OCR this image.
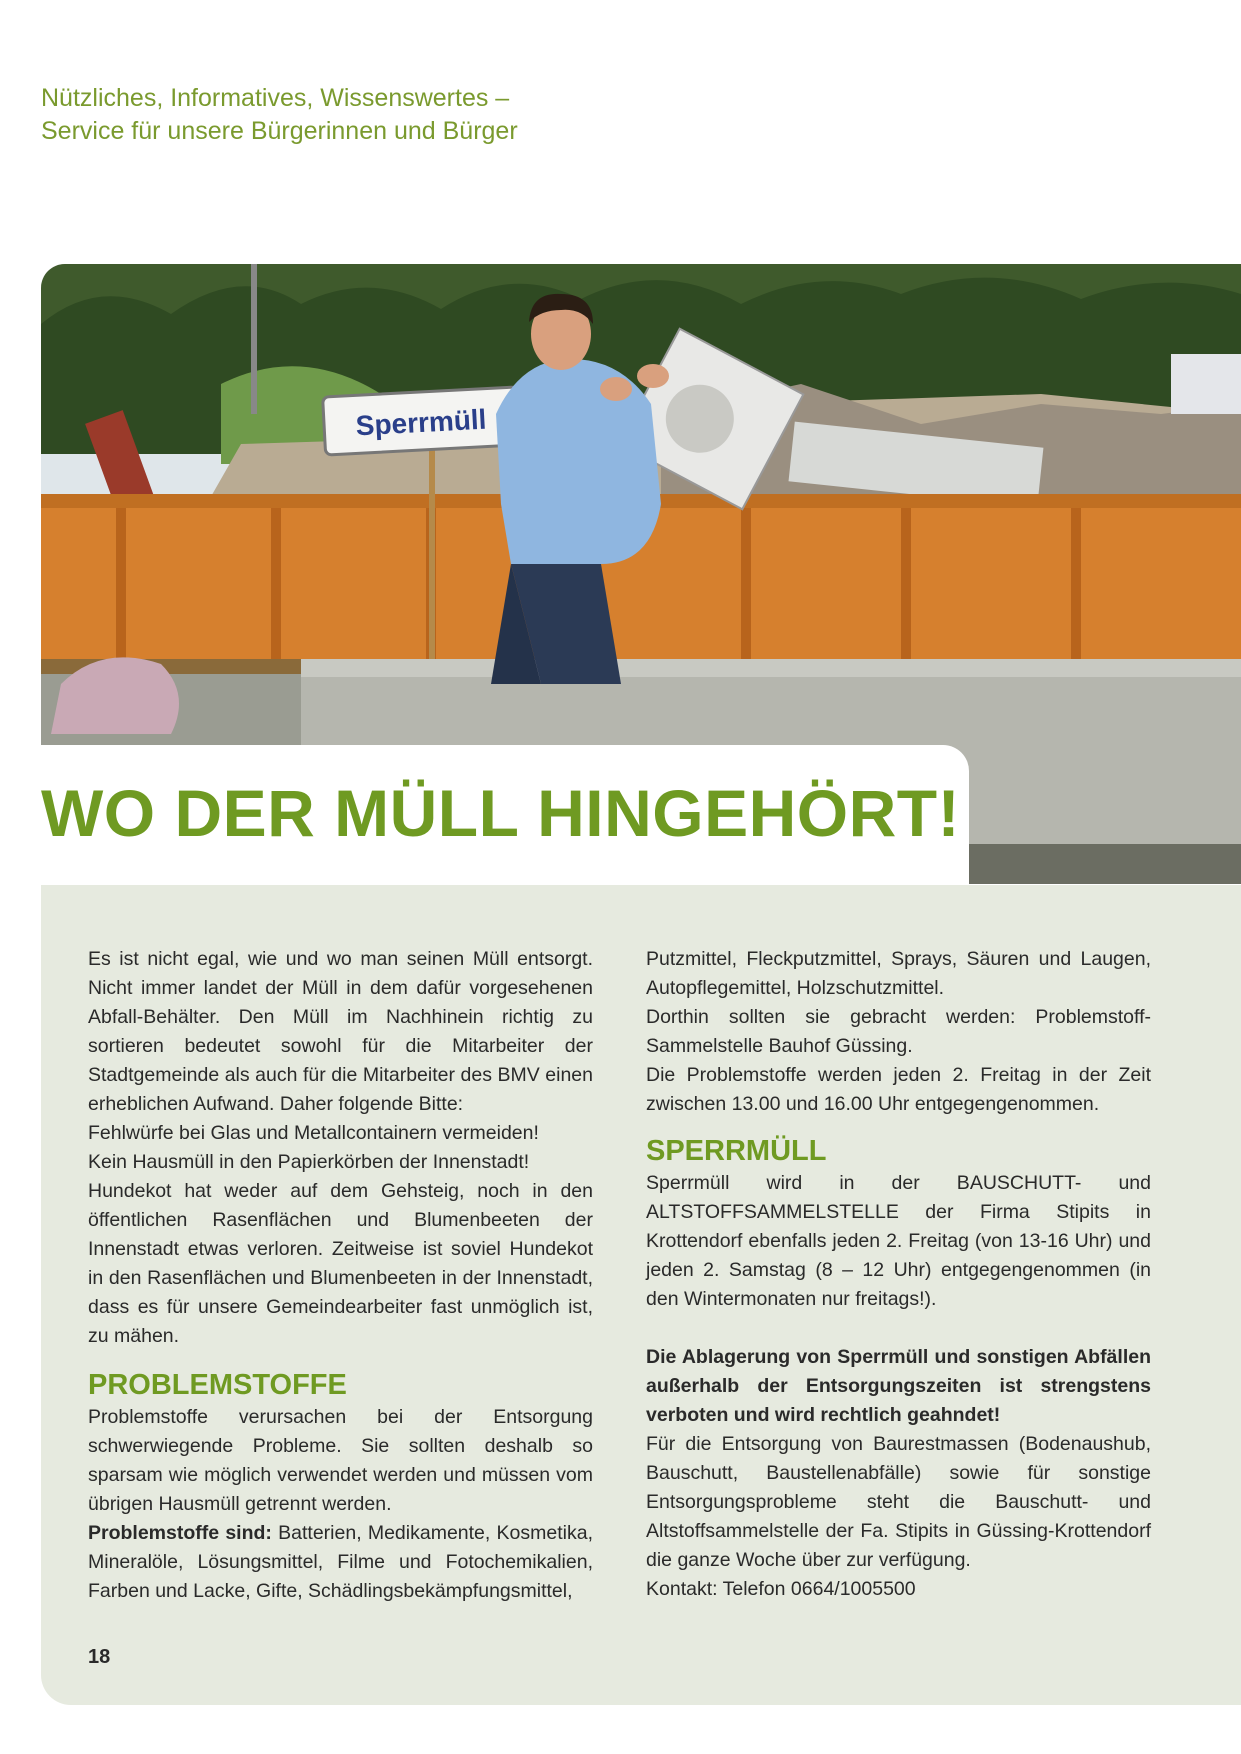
Nützliches, Informatives, Wissenswertes –
Service für unsere Bürgerinnen und Bürger
Sperrmüll
WO DER MÜLL HINGEHÖRT!

Es ist nicht egal, wie und wo man seinen Müll entsorgt. Nicht immer landet der Müll in dem dafür vorgesehenen Abfall-Behälter. Den Müll im Nachhinein richtig zu sortieren bedeutet sowohl für die Mitarbeiter der Stadtgemeinde als auch für die Mitarbeiter des BMV einen erheblichen Aufwand. Daher folgende Bitte:

Fehlwürfe bei Glas und Metallcontainern vermeiden!

Kein Hausmüll in den Papierkörben der Innenstadt!

Hundekot hat weder auf dem Gehsteig, noch in den öffentlichen Rasenflächen und Blumenbeeten der Innenstadt etwas verloren. Zeitweise ist soviel Hundekot in den Rasenflächen und Blumenbeeten in der Innenstadt, dass es für unsere Gemeindearbeiter fast unmöglich ist, zu mähen.

PROBLEMSTOFFE

Problemstoffe verursachen bei der Entsorgung schwerwiegende Probleme. Sie sollten deshalb so sparsam wie möglich verwendet werden und müssen vom übrigen Hausmüll getrennt werden.

Problemstoffe sind: Batterien, Medikamente, Kosmetika, Mineralöle, Lösungsmittel, Filme und Fotochemikalien, Farben und Lacke, Gifte, Schädlingsbekämpfungsmittel,

Putzmittel, Fleckputzmittel, Sprays, Säuren und Laugen, Autopflegemittel, Holzschutzmittel.

Dorthin sollten sie gebracht werden: Problemstoff-Sammelstelle Bauhof Güssing.

Die Problemstoffe werden jeden 2. Freitag in der Zeit zwischen 13.00 und 16.00 Uhr entgegengenommen.

SPERRMÜLL

Sperrmüll wird in der BAUSCHUTT- und ALTSTOFFSAMMELSTELLE der Firma Stipits in Krottendorf ebenfalls jeden 2. Freitag (von 13-16 Uhr) und jeden 2. Samstag (8 – 12 Uhr) entgegengenommen (in den Wintermonaten nur freitags!).

Die Ablagerung von Sperrmüll und sonstigen Abfällen außerhalb der Entsorgungszeiten ist strengstens verboten und wird rechtlich geahndet!

Für die Entsorgung von Baurestmassen (Bodenaushub, Bauschutt, Baustellenabfälle) sowie für sonstige Entsorgungsprobleme steht die Bauschutt- und Altstoffsammelstelle der Fa. Stipits in Güssing-Krottendorf die ganze Woche über zur verfügung.

Kontakt: Telefon 0664/1005500

18
